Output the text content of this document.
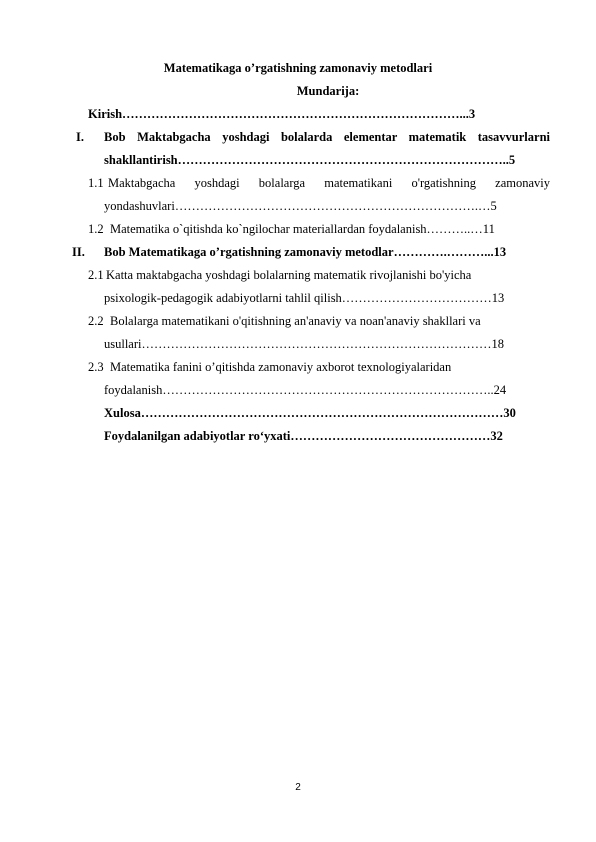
Matematikaga o’rgatishning zamonaviy metodlari
Mundarija:
Kirish………………………………………………………………………...3
I. Bob Maktabgacha yoshdagi bolalarda elementar matematik tasavvurlarni
shakllantirish……………………………………………………………………..5
1.1 Maktabgacha yoshdagi bolalarga matematikani o'rgatishning zamonaviy
yondashuvlari……………………………………………………………….…5
1.2 Matematika o`qitishda ko`ngilochar materiallardan foydalanish………..…11
II. Bob Matematikaga o’rgatishning zamonaviy metodlar………….………...13
2.1 Katta maktabgacha yoshdagi bolalarning matematik rivojlanishi bo'yicha
psixologik-pedagogik adabiyotlarni tahlil qilish………………………………13
2.2 Bolalarga matematikani o'qitishning an'anaviy va noan'anaviy shakllari va
usullari…………………………………………………………………………18
2.3 Matematika fanini o’qitishda zamonaviy axborot texnologiyalaridan
foydalanish……………………………………………………………………..24
Xulosa……………………………………………………………………………30
Foydalanilgan adabiyotlar ro‘yxati…………………………………………32
2
